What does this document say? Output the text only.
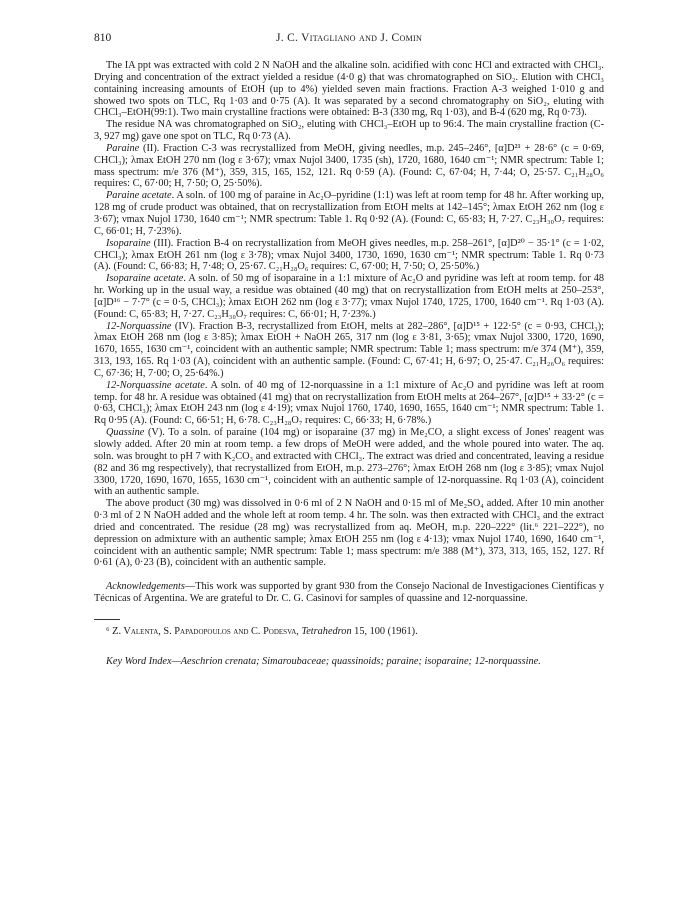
810	J. C. Vitagliano and J. Comin

The IA ppt was extracted with cold 2 N NaOH and the alkaline soln. acidified with conc HCl and extracted with CHCl₃. Drying and concentration of the extract yielded a residue (4·0 g) that was chromatographed on SiO₂. Elution with CHCl₃ containing increasing amounts of EtOH (up to 4%) yielded seven main fractions. Fraction A-3 weighed 1·010 g and showed two spots on TLC, Rq 1·03 and 0·75 (A). It was separated by a second chromatography on SiO₂, eluting with CHCl₃–EtOH(99:1). Two main crystalline fractions were obtained: B-3 (330 mg, Rq 1·03), and B-4 (620 mg, Rq 0·73).

The residue NA was chromatographed on SiO₂, eluting with CHCl₃–EtOH up to 96:4. The main crystalline fraction (C-3, 927 mg) gave one spot on TLC, Rq 0·73 (A).

Paraine (II). Fraction C-3 was recrystallized from MeOH, giving needles, m.p. 245–246°, [α]D²¹ + 28·6° (c = 0·69, CHCl₃); λmax EtOH 270 nm (log ε 3·67); νmax Nujol 3400, 1735 (sh), 1720, 1680, 1640 cm⁻¹; NMR spectrum: Table 1; mass spectrum: m/e 376 (M⁺), 359, 315, 165, 152, 121. Rq 0·59 (A). (Found: C, 67·04; H, 7·44; O, 25·57. C₂₁H₂₈O₆ requires: C, 67·00; H, 7·50; O, 25·50%).

Paraine acetate. A soln. of 100 mg of paraine in Ac₂O–pyridine (1:1) was left at room temp for 48 hr. After working up, 128 mg of crude product was obtained, that on recrystallization from EtOH melts at 142–145°; λmax EtOH 262 nm (log ε 3·67); νmax Nujol 1730, 1640 cm⁻¹; NMR spectrum: Table 1. Rq 0·92 (A). (Found: C, 65·83; H, 7·27. C₂₃H₃₀O₇ requires: C, 66·01; H, 7·23%).

Isoparaine (III). Fraction B-4 on recrystallization from MeOH gives needles, m.p. 258–261°, [α]D²⁰ − 35·1° (c = 1·02, CHCl₃); λmax EtOH 261 nm (log ε 3·78); νmax Nujol 3400, 1730, 1690, 1630 cm⁻¹; NMR spectrum: Table 1. Rq 0·73 (A). (Found: C, 66·83; H, 7·48; O, 25·67. C₂₁H₂₈O₆ requires: C, 67·00; H, 7·50; O, 25·50%.)

Isoparaine acetate. A soln. of 50 mg of isoparaine in a 1:1 mixture of Ac₂O and pyridine was left at room temp. for 48 hr. Working up in the usual way, a residue was obtained (40 mg) that on recrystallization from EtOH melts at 250–253°, [α]D¹⁶ − 7·7° (c = 0·5, CHCl₃); λmax EtOH 262 nm (log ε 3·77); νmax Nujol 1740, 1725, 1700, 1640 cm⁻¹. Rq 1·03 (A). (Found: C, 65·83; H, 7·27. C₂₃H₃₀O₇ requires: C, 66·01; H, 7·23%.)

12-Norquassine (IV). Fraction B-3, recrystallized from EtOH, melts at 282–286°, [α]D¹⁵ + 122·5° (c = 0·93, CHCl₃); λmax EtOH 268 nm (log ε 3·85); λmax EtOH + NaOH 265, 317 nm (log ε 3·81, 3·65); νmax Nujol 3300, 1720, 1690, 1670, 1655, 1630 cm⁻¹, coincident with an authentic sample; NMR spectrum: Table 1; mass spectrum: m/e 374 (M⁺), 359, 313, 193, 165. Rq 1·03 (A), coincident with an authentic sample. (Found: C, 67·41; H, 6·97; O, 25·47. C₂₁H₂₆O₆ requires: C, 67·36; H, 7·00; O, 25·64%.)

12-Norquassine acetate. A soln. of 40 mg of 12-norquassine in a 1:1 mixture of Ac₂O and pyridine was left at room temp. for 48 hr. A residue was obtained (41 mg) that on recrystallization from EtOH melts at 264–267°, [α]D¹⁵ + 33·2° (c = 0·63, CHCl₃); λmax EtOH 243 nm (log ε 4·19); νmax Nujol 1760, 1740, 1690, 1655, 1640 cm⁻¹; NMR spectrum: Table 1. Rq 0·95 (A). (Found: C, 66·51; H, 6·78. C₂₃H₂₈O₇ requires: C, 66·33; H, 6·78%.)

Quassine (V). To a soln. of paraine (104 mg) or isoparaine (37 mg) in Me₂CO, a slight excess of Jones' reagent was slowly added. After 20 min at room temp. a few drops of MeOH were added, and the whole poured into water. The aq. soln. was brought to pH 7 with K₂CO₃ and extracted with CHCl₃. The extract was dried and concentrated, leaving a residue (82 and 36 mg respectively), that recrystallized from EtOH, m.p. 273–276°; λmax EtOH 268 nm (log ε 3·85); νmax Nujol 3300, 1720, 1690, 1670, 1655, 1630 cm⁻¹, coincident with an authentic sample of 12-norquassine. Rq 1·03 (A), coincident with an authentic sample.

The above product (30 mg) was dissolved in 0·6 ml of 2 N NaOH and 0·15 ml of Me₂SO₄ added. After 10 min another 0·3 ml of 2 N NaOH added and the whole left at room temp. 4 hr. The soln. was then extracted with CHCl₃ and the extract dried and concentrated. The residue (28 mg) was recrystallized from aq. MeOH, m.p. 220–222° (lit.⁶ 221–222°), no depression on admixture with an authentic sample; λmax EtOH 255 nm (log ε 4·13); νmax Nujol 1740, 1690, 1640 cm⁻¹, coincident with an authentic sample; NMR spectrum: Table 1; mass spectrum: m/e 388 (M⁺), 373, 313, 165, 152, 127. Rf 0·61 (A), 0·23 (B), coincident with an authentic sample.

Acknowledgements—This work was supported by grant 930 from the Consejo Nacional de Investigaciones Científicas y Técnicas of Argentina. We are grateful to Dr. C. G. Casinovi for samples of quassine and 12-norquassine.

⁶ Z. Valenta, S. Papadopoulos and C. Podesva, Tetrahedron 15, 100 (1961).

Key Word Index—Aeschrion crenata; Simaroubaceae; quassinoids; paraine; isoparaine; 12-norquassine.
